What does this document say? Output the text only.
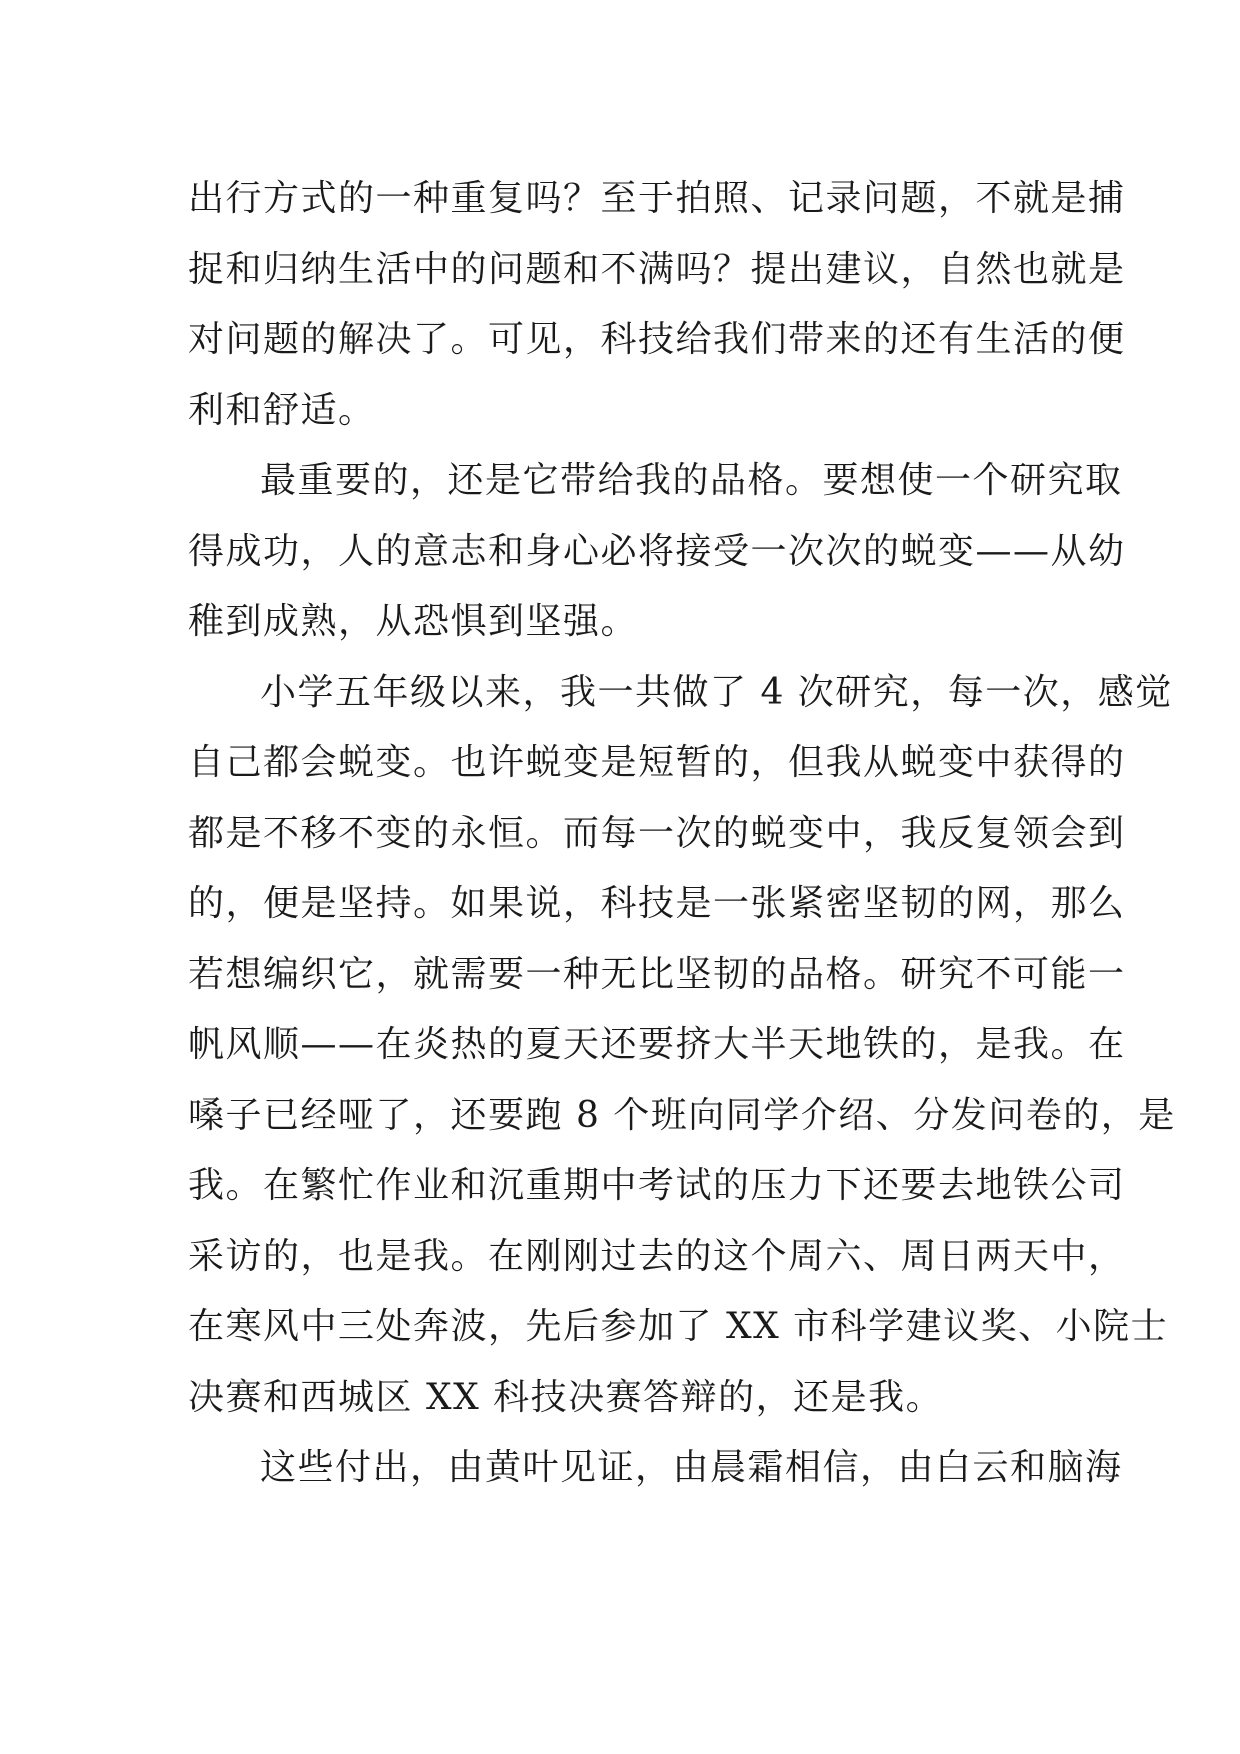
出行方式的一种重复吗？至于拍照、记录问题，不就是捕
捉和归纳生活中的问题和不满吗？提出建议，自然也就是
对问题的解决了。可见，科技给我们带来的还有生活的便
利和舒适。
最重要的，还是它带给我的品格。要想使一个研究取
得成功，人的意志和身心必将接受一次次的蜕变——从幼
稚到成熟，从恐惧到坚强。
小学五年级以来，我一共做了 4 次研究，每一次，感觉
自己都会蜕变。也许蜕变是短暂的，但我从蜕变中获得的
都是不移不变的永恒。而每一次的蜕变中，我反复领会到
的，便是坚持。如果说，科技是一张紧密坚韧的网，那么
若想编织它，就需要一种无比坚韧的品格。研究不可能一
帆风顺——在炎热的夏天还要挤大半天地铁的，是我。在
嗓子已经哑了，还要跑 8 个班向同学介绍、分发问卷的，是
我。在繁忙作业和沉重期中考试的压力下还要去地铁公司
采访的，也是我。在刚刚过去的这个周六、周日两天中，
在寒风中三处奔波，先后参加了 XX 市科学建议奖、小院士
决赛和西城区 XX 科技决赛答辩的，还是我。
这些付出，由黄叶见证，由晨霜相信，由白云和脑海
